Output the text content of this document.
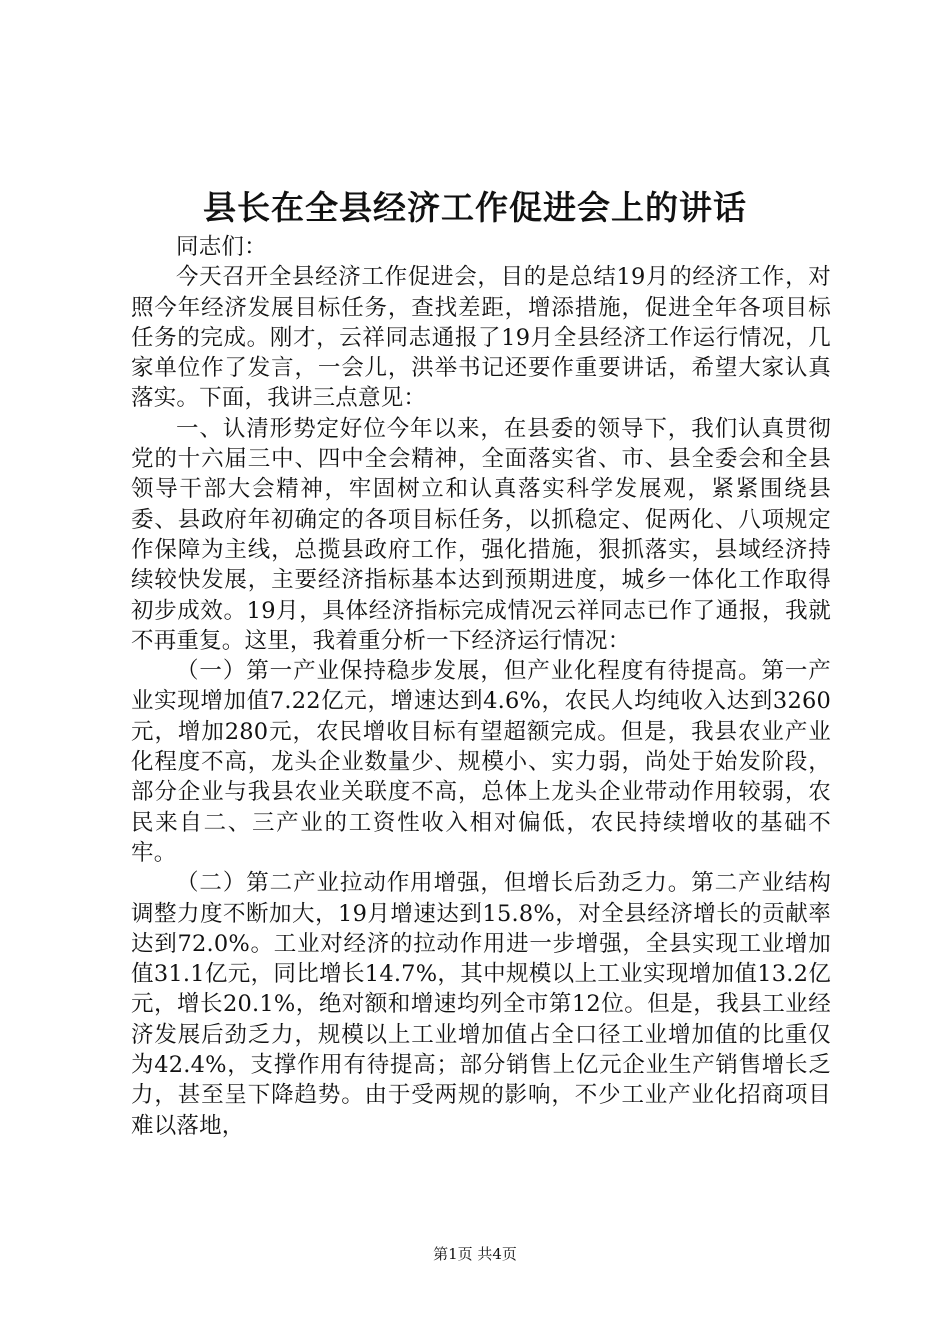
县长在全县经济工作促进会上的讲话

同志们：

今天召开全县经济工作促进会，目的是总结19月的经济工作，对照今年经济发展目标任务，查找差距，增添措施，促进全年各项目标任务的完成。刚才，云祥同志通报了19月全县经济工作运行情况，几家单位作了发言，一会儿，洪举书记还要作重要讲话，希望大家认真落实。下面，我讲三点意见：

一、认清形势定好位今年以来，在县委的领导下，我们认真贯彻党的十六届三中、四中全会精神，全面落实省、市、县全委会和全县领导干部大会精神，牢固树立和认真落实科学发展观，紧紧围绕县委、县政府年初确定的各项目标任务，以抓稳定、促两化、八项规定作保障为主线，总揽县政府工作，强化措施，狠抓落实，县域经济持续较快发展，主要经济指标基本达到预期进度，城乡一体化工作取得初步成效。19月，具体经济指标完成情况云祥同志已作了通报，我就不再重复。这里，我着重分析一下经济运行情况：

（一）第一产业保持稳步发展，但产业化程度有待提高。第一产业实现增加值7.22亿元，增速达到4.6%，农民人均纯收入达到3260元，增加280元，农民增收目标有望超额完成。但是，我县农业产业化程度不高，龙头企业数量少、规模小、实力弱，尚处于始发阶段，部分企业与我县农业关联度不高，总体上龙头企业带动作用较弱，农民来自二、三产业的工资性收入相对偏低，农民持续增收的基础不牢。

（二）第二产业拉动作用增强，但增长后劲乏力。第二产业结构调整力度不断加大，19月增速达到15.8%，对全县经济增长的贡献率达到72.0%。工业对经济的拉动作用进一步增强，全县实现工业增加值31.1亿元，同比增长14.7%，其中规模以上工业实现增加值13.2亿元，增长20.1%，绝对额和增速均列全市第12位。但是，我县工业经济发展后劲乏力，规模以上工业增加值占全口径工业增加值的比重仅为42.4%，支撑作用有待提高；部分销售上亿元企业生产销售增长乏力，甚至呈下降趋势。由于受两规的影响，不少工业产业化招商项目难以落地，

第1页 共4页
